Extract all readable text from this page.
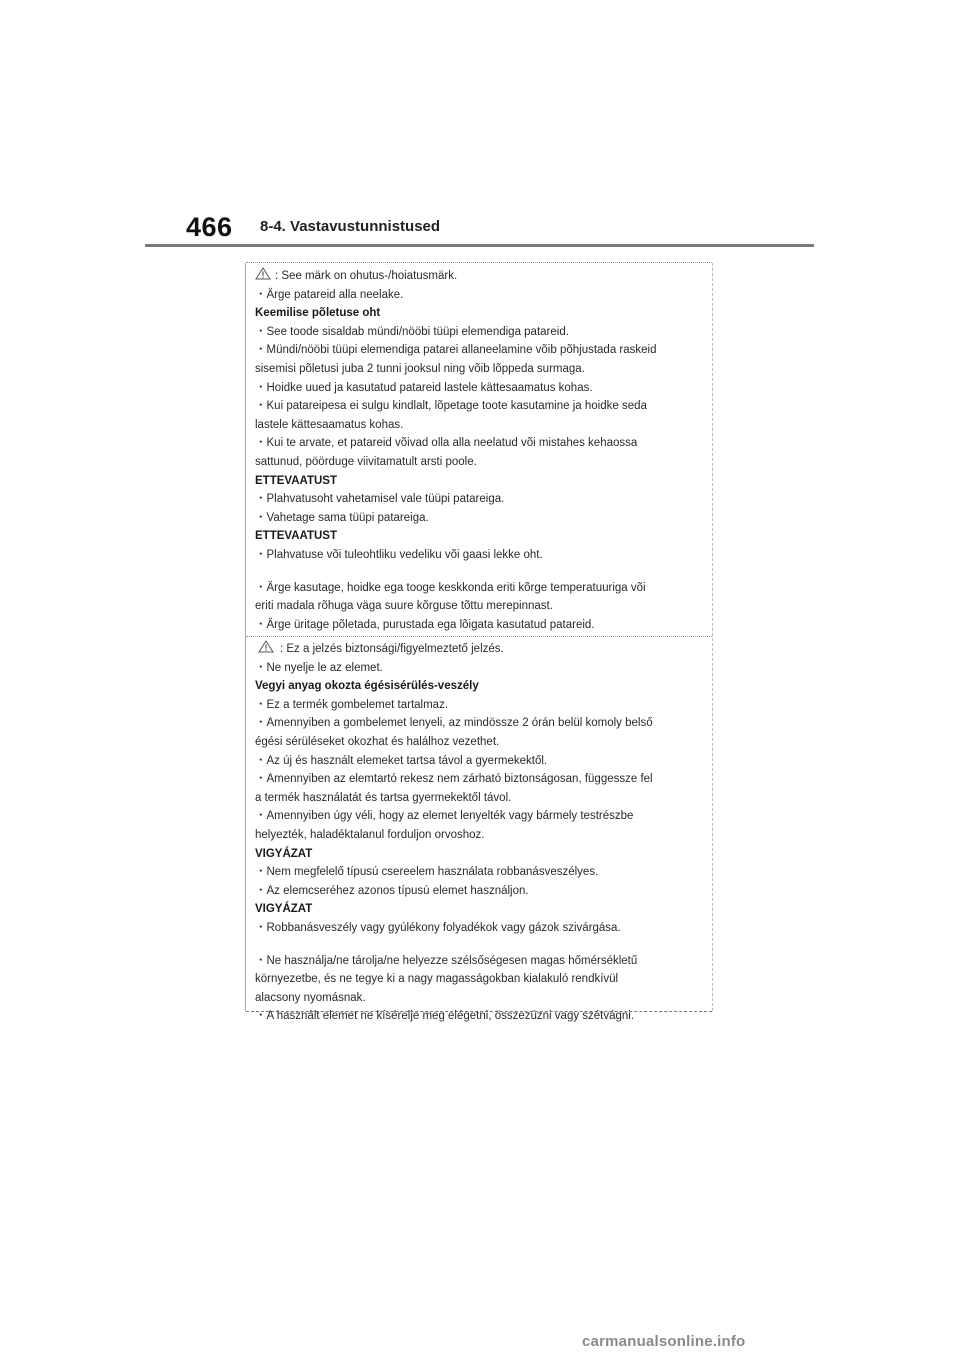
466 8-4. Vastavustunnistused
: See märk on ohutus-/hoiatusmärk.
・Ärge patareid alla neelake.
Keemilise põletuse oht
・See toode sisaldab mündi/nööbi tüüpi elemendiga patareid.
・Mündi/nööbi tüüpi elemendiga patarei allaneelamine võib põhjustada raskeid
sisemisi põletusi juba 2 tunni jooksul ning võib lõppeda surmaga.
・Hoidke uued ja kasutatud patareid lastele kättesaamatus kohas.
・Kui patareipesa ei sulgu kindlalt, lõpetage toote kasutamine ja hoidke seda
lastele kättesaamatus kohas.
・Kui te arvate, et patareid võivad olla alla neelatud või mistahes kehaossa
sattunud, pöörduge viivitamatult arsti poole.
ETTEVAATUST
・Plahvatusoht vahetamisel vale tüüpi patareiga.
・Vahetage sama tüüpi patareiga.
ETTEVAATUST
・Plahvatuse või tuleohtliku vedeliku või gaasi lekke oht.
・Ärge kasutage, hoidke ega tooge keskkonda eriti kõrge temperatuuriga või
eriti madala rõhuga väga suure kõrguse tõttu merepinnast.
・Ärge üritage põletada, purustada ega lõigata kasutatud patareid.
: Ez a jelzés biztonsági/figyelmeztető jelzés.
・Ne nyelje le az elemet.
Vegyi anyag okozta égésisérülés-veszély
・Ez a termék gombelemet tartalmaz.
・Amennyiben a gombelemet lenyeli, az mindössze 2 órán belül komoly belső
égési sérüléseket okozhat és halálhoz vezethet.
・Az új és használt elemeket tartsa távol a gyermekektől.
・Amennyiben az elemtartó rekesz nem zárható biztonságosan, függessze fel
a termék használatát és tartsa gyermekektől távol.
・Amennyiben úgy véli, hogy az elemet lenyelték vagy bármely testrészbe
helyezték, haladéktalanul forduljon orvoshoz.
VIGYÁZAT
・Nem megfelelő típusú csereelem használata robbanásveszélyes.
・Az elemcseréhez azonos típusú elemet használjon.
VIGYÁZAT
・Robbanásveszély vagy gyúlékony folyadékok vagy gázok szivárgása.
・Ne használja/ne tárolja/ne helyezze szélsőségesen magas hőmérsékletű
környezetbe, és ne tegye ki a nagy magasságokban kialakuló rendkívül
alacsony nyomásnak.
・A használt elemet ne kísérelje meg elégetni, összezúzni vagy szétvágni.
carmanualsonline.info
